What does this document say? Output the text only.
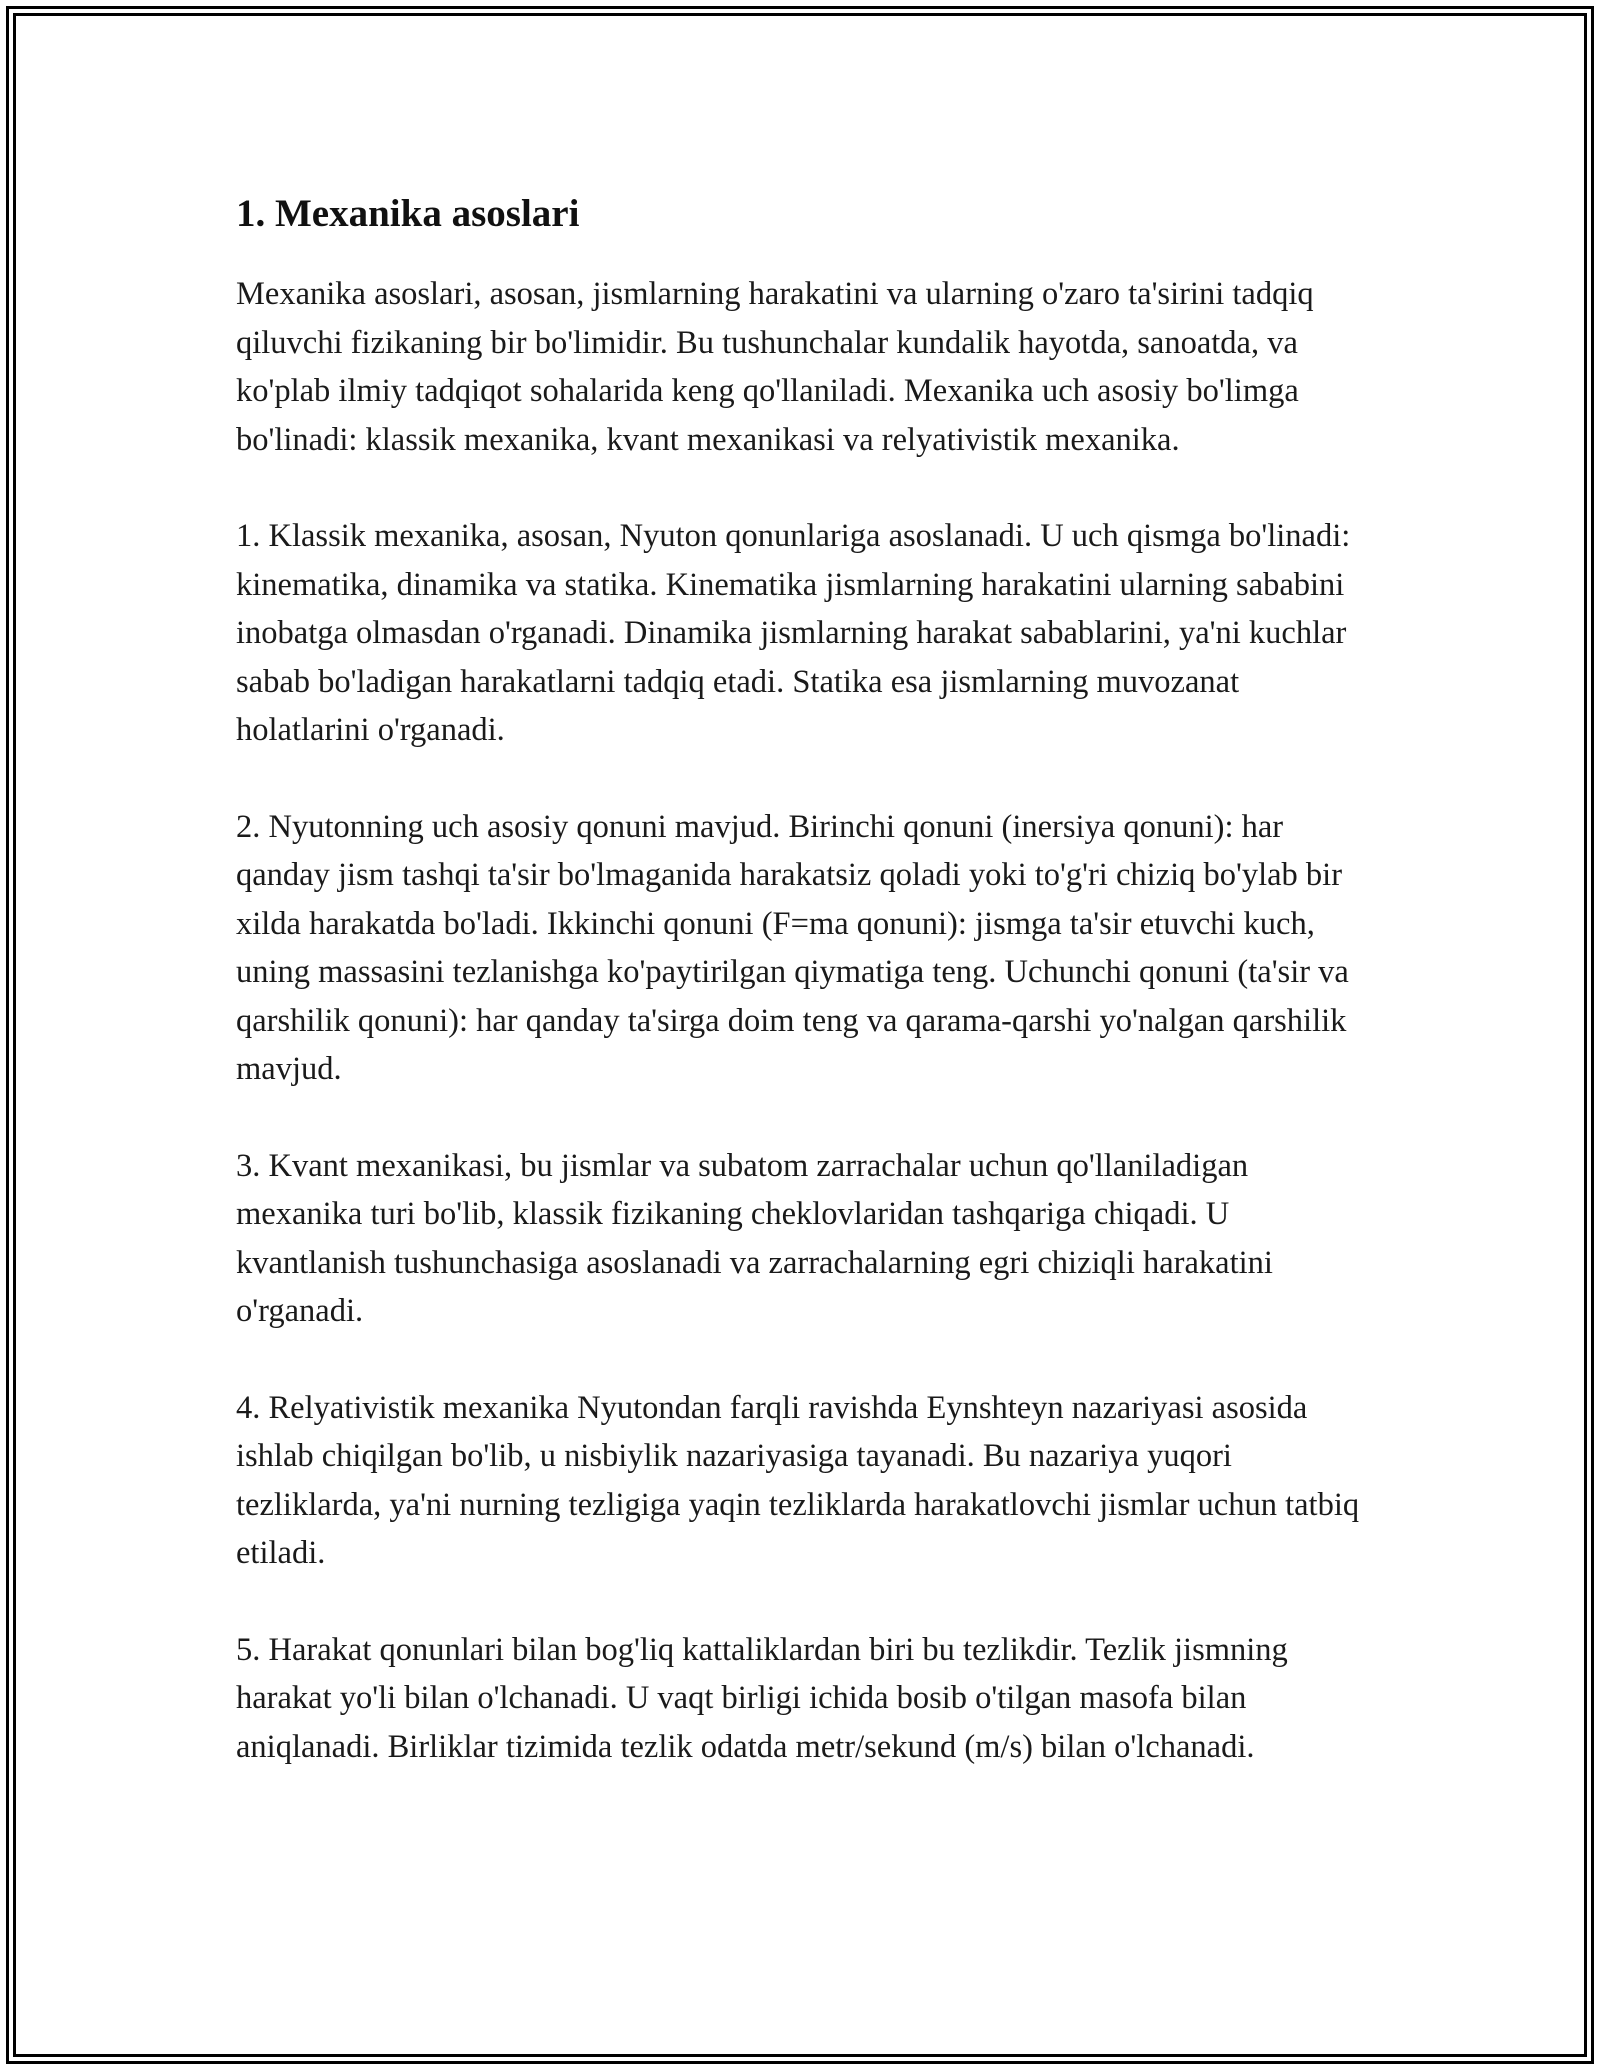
1. Mexanika asoslari

Mexanika asoslari, asosan, jismlarning harakatini va ularning o'zaro ta'sirini tadqiq qiluvchi fizikaning bir bo'limidir. Bu tushunchalar kundalik hayotda, sanoatda, va ko'plab ilmiy tadqiqot sohalarida keng qo'llaniladi. Mexanika uch asosiy bo'limga bo'linadi: klassik mexanika, kvant mexanikasi va relyativistik mexanika.

1. Klassik mexanika, asosan, Nyuton qonunlariga asoslanadi. U uch qismga bo'linadi: kinematika, dinamika va statika. Kinematika jismlarning harakatini ularning sababini inobatga olmasdan o'rganadi. Dinamika jismlarning harakat sabablarini, ya'ni kuchlar sabab bo'ladigan harakatlarni tadqiq etadi. Statika esa jismlarning muvozanat holatlarini o'rganadi.

2. Nyutonning uch asosiy qonuni mavjud. Birinchi qonuni (inersiya qonuni): har qanday jism tashqi ta'sir bo'lmaganida harakatsiz qoladi yoki to'g'ri chiziq bo'ylab bir xilda harakatda bo'ladi. Ikkinchi qonuni (F=ma qonuni): jismga ta'sir etuvchi kuch, uning massasini tezlanishga ko'paytirilgan qiymatiga teng. Uchunchi qonuni (ta'sir va qarshilik qonuni): har qanday ta'sirga doim teng va qarama-qarshi yo'nalgan qarshilik mavjud.

3. Kvant mexanikasi, bu jismlar va subatom zarrachalar uchun qo'llaniladigan mexanika turi bo'lib, klassik fizikaning cheklovlaridan tashqariga chiqadi. U kvantlanish tushunchasiga asoslanadi va zarrachalarning egri chiziqli harakatini o'rganadi.

4. Relyativistik mexanika Nyutondan farqli ravishda Eynshteyn nazariyasi asosida ishlab chiqilgan bo'lib, u nisbiylik nazariyasiga tayanadi. Bu nazariya yuqori tezliklarda, ya'ni nurning tezligiga yaqin tezliklarda harakatlovchi jismlar uchun tatbiq etiladi.

5. Harakat qonunlari bilan bog'liq kattaliklardan biri bu tezlikdir. Tezlik jismning harakat yo'li bilan o'lchanadi. U vaqt birligi ichida bosib o'tilgan masofa bilan aniqlanadi. Birliklar tizimida tezlik odatda metr/sekund (m/s) bilan o'lchanadi.
